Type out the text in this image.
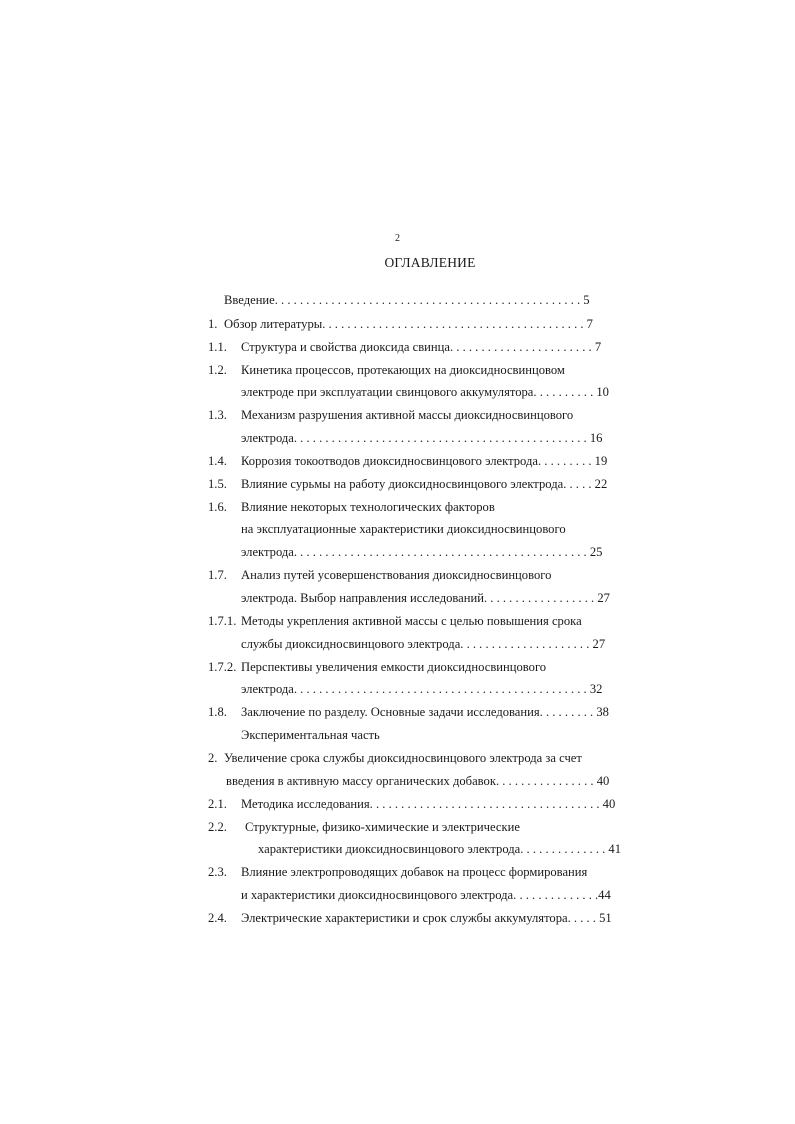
2
ОГЛАВЛЕНИЕ
Введение. . . . . . . . . . . . . . . . . . . . . . . . . . . . . . . . . . . . . . . . . . . . . . . . . 5
1. Обзор литературы. . . . . . . . . . . . . . . . . . . . . . . . . . . . . . . . . . . . . . . . . . 7
1.1. Структура и свойства диоксида свинца. . . . . . . . . . . . . . . . . . . . . . . 7
1.2. Кинетика процессов, протекающих на диоксидносвинцовом
электроде при эксплуатации свинцового аккумулятора. . . . . . . . . . 10
1.3. Механизм разрушения активной массы диоксидносвинцового
электрода. . . . . . . . . . . . . . . . . . . . . . . . . . . . . . . . . . . . . . . . . . . . . . . 16
1.4. Коррозия токоотводов диоксидносвинцового электрода. . . . . . . . . 19
1.5. Влияние сурьмы на работу диоксидносвинцового электрода. . . . . 22
1.6. Влияние некоторых технологических факторов
на эксплуатационные характеристики диоксидносвинцового
электрода. . . . . . . . . . . . . . . . . . . . . . . . . . . . . . . . . . . . . . . . . . . . . . . 25
1.7. Анализ путей усовершенствования диоксидносвинцового
электрода. Выбор направления исследований. . . . . . . . . . . . . . . . . . 27
1.7.1. Методы укрепления активной массы с целью повышения срока
службы диоксидносвинцового электрода. . . . . . . . . . . . . . . . . . . . . 27
1.7.2. Перспективы увеличения емкости диоксидносвинцового
электрода. . . . . . . . . . . . . . . . . . . . . . . . . . . . . . . . . . . . . . . . . . . . . . . 32
1.8. Заключение по разделу. Основные задачи исследования. . . . . . . . . 38
Экспериментальная часть
2. Увеличение срока службы диоксидносвинцового электрода за счет
введения в активную массу органических добавок. . . . . . . . . . . . . . . . 40
2.1. Методика исследования. . . . . . . . . . . . . . . . . . . . . . . . . . . . . . . . . . . . . 40
2.2. Структурные, физико-химические и электрические
характеристики диоксидносвинцового электрода. . . . . . . . . . . . . . 41
2.3. Влияние электропроводящих добавок на процесс формирования
и характеристики диоксидносвинцового электрода. . . . . . . . . . . . . .44
2.4. Электрические характеристики и срок службы аккумулятора. . . . . 51
